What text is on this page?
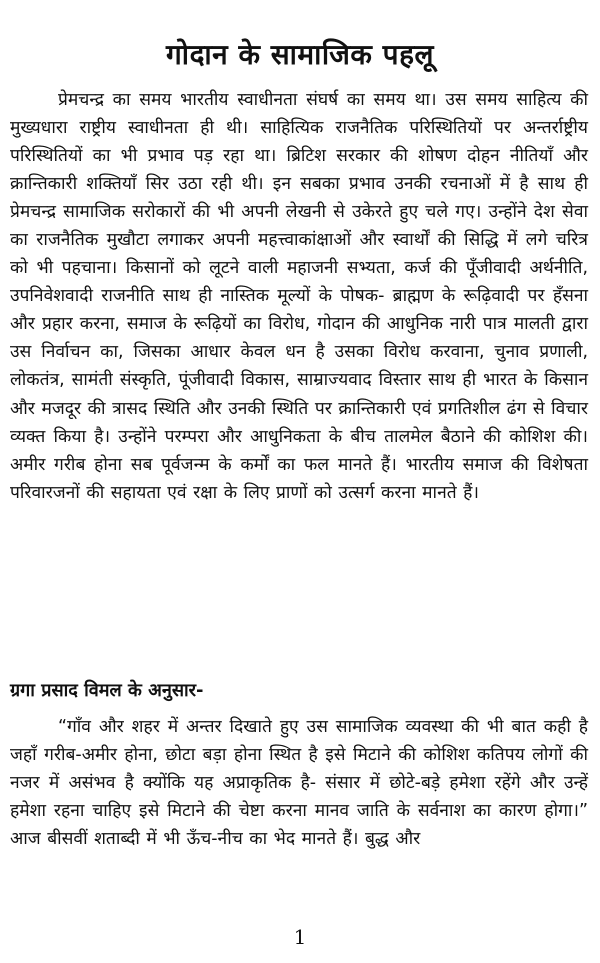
गोदान के सामाजिक पहलू

प्रेमचन्द्र का समय भारतीय स्वाधीनता संघर्ष का समय था। उस समय साहित्य की मुख्यधारा राष्ट्रीय स्वाधीनता ही थी। साहित्यिक राजनैतिक परिस्थितियों पर अन्तर्राष्ट्रीय परिस्थितियों का भी प्रभाव पड़ रहा था। ब्रिटिश सरकार की शोषण दोहन नीतियाँ और क्रान्तिकारी शक्तियाँ सिर उठा रही थी। इन सबका प्रभाव उनकी रचनाओं में है साथ ही प्रेमचन्द्र सामाजिक सरोकारों की भी अपनी लेखनी से उकेरते हुए चले गए। उन्होंने देश सेवा का राजनैतिक मुखौटा लगाकर अपनी महत्त्वाकांक्षाओं और स्वार्थों की सिद्धि में लगे चरित्र को भी पहचाना। किसानों को लूटने वाली महाजनी सभ्यता, कर्ज की पूँजीवादी अर्थनीति, उपनिवेशवादी राजनीति साथ ही नास्तिक मूल्यों के पोषक- ब्राह्मण के रूढ़िवादी पर हँसना और प्रहार करना, समाज के रूढ़ियों का विरोध, गोदान की आधुनिक नारी पात्र मालती द्वारा उस निर्वाचन का, जिसका आधार केवल धन है उसका विरोध करवाना, चुनाव प्रणाली, लोकतंत्र, सामंती संस्कृति, पूंजीवादी विकास, साम्राज्यवाद विस्तार साथ ही भारत के किसान और मजदूर की त्रासद स्थिति और उनकी स्थिति पर क्रान्तिकारी एवं प्रगतिशील ढंग से विचार व्यक्त किया है। उन्होंने परम्परा और आधुनिकता के बीच तालमेल बैठाने की कोशिश की। अमीर गरीब होना सब पूर्वजन्म के कर्मों का फल मानते हैं। भारतीय समाज की विशेषता परिवारजनों की सहायता एवं रक्षा के लिए प्राणों को उत्सर्ग करना मानते हैं।

ग्रगा प्रसाद विमल के अनुसार-

“गाँव और शहर में अन्तर दिखाते हुए उस सामाजिक व्यवस्था की भी बात कही है जहाँ गरीब-अमीर होना, छोटा बड़ा होना स्थित है इसे मिटाने की कोशिश कतिपय लोगों की नजर में असंभव है क्योंकि यह अप्राकृतिक है- संसार में छोटे-बड़े हमेशा रहेंगे और उन्हें हमेशा रहना चाहिए इसे मिटाने की चेष्टा करना मानव जाति के सर्वनाश का कारण होगा।” आज बीसवीं शताब्दी में भी ऊँच-नीच का भेद मानते हैं। बुद्ध और

1
